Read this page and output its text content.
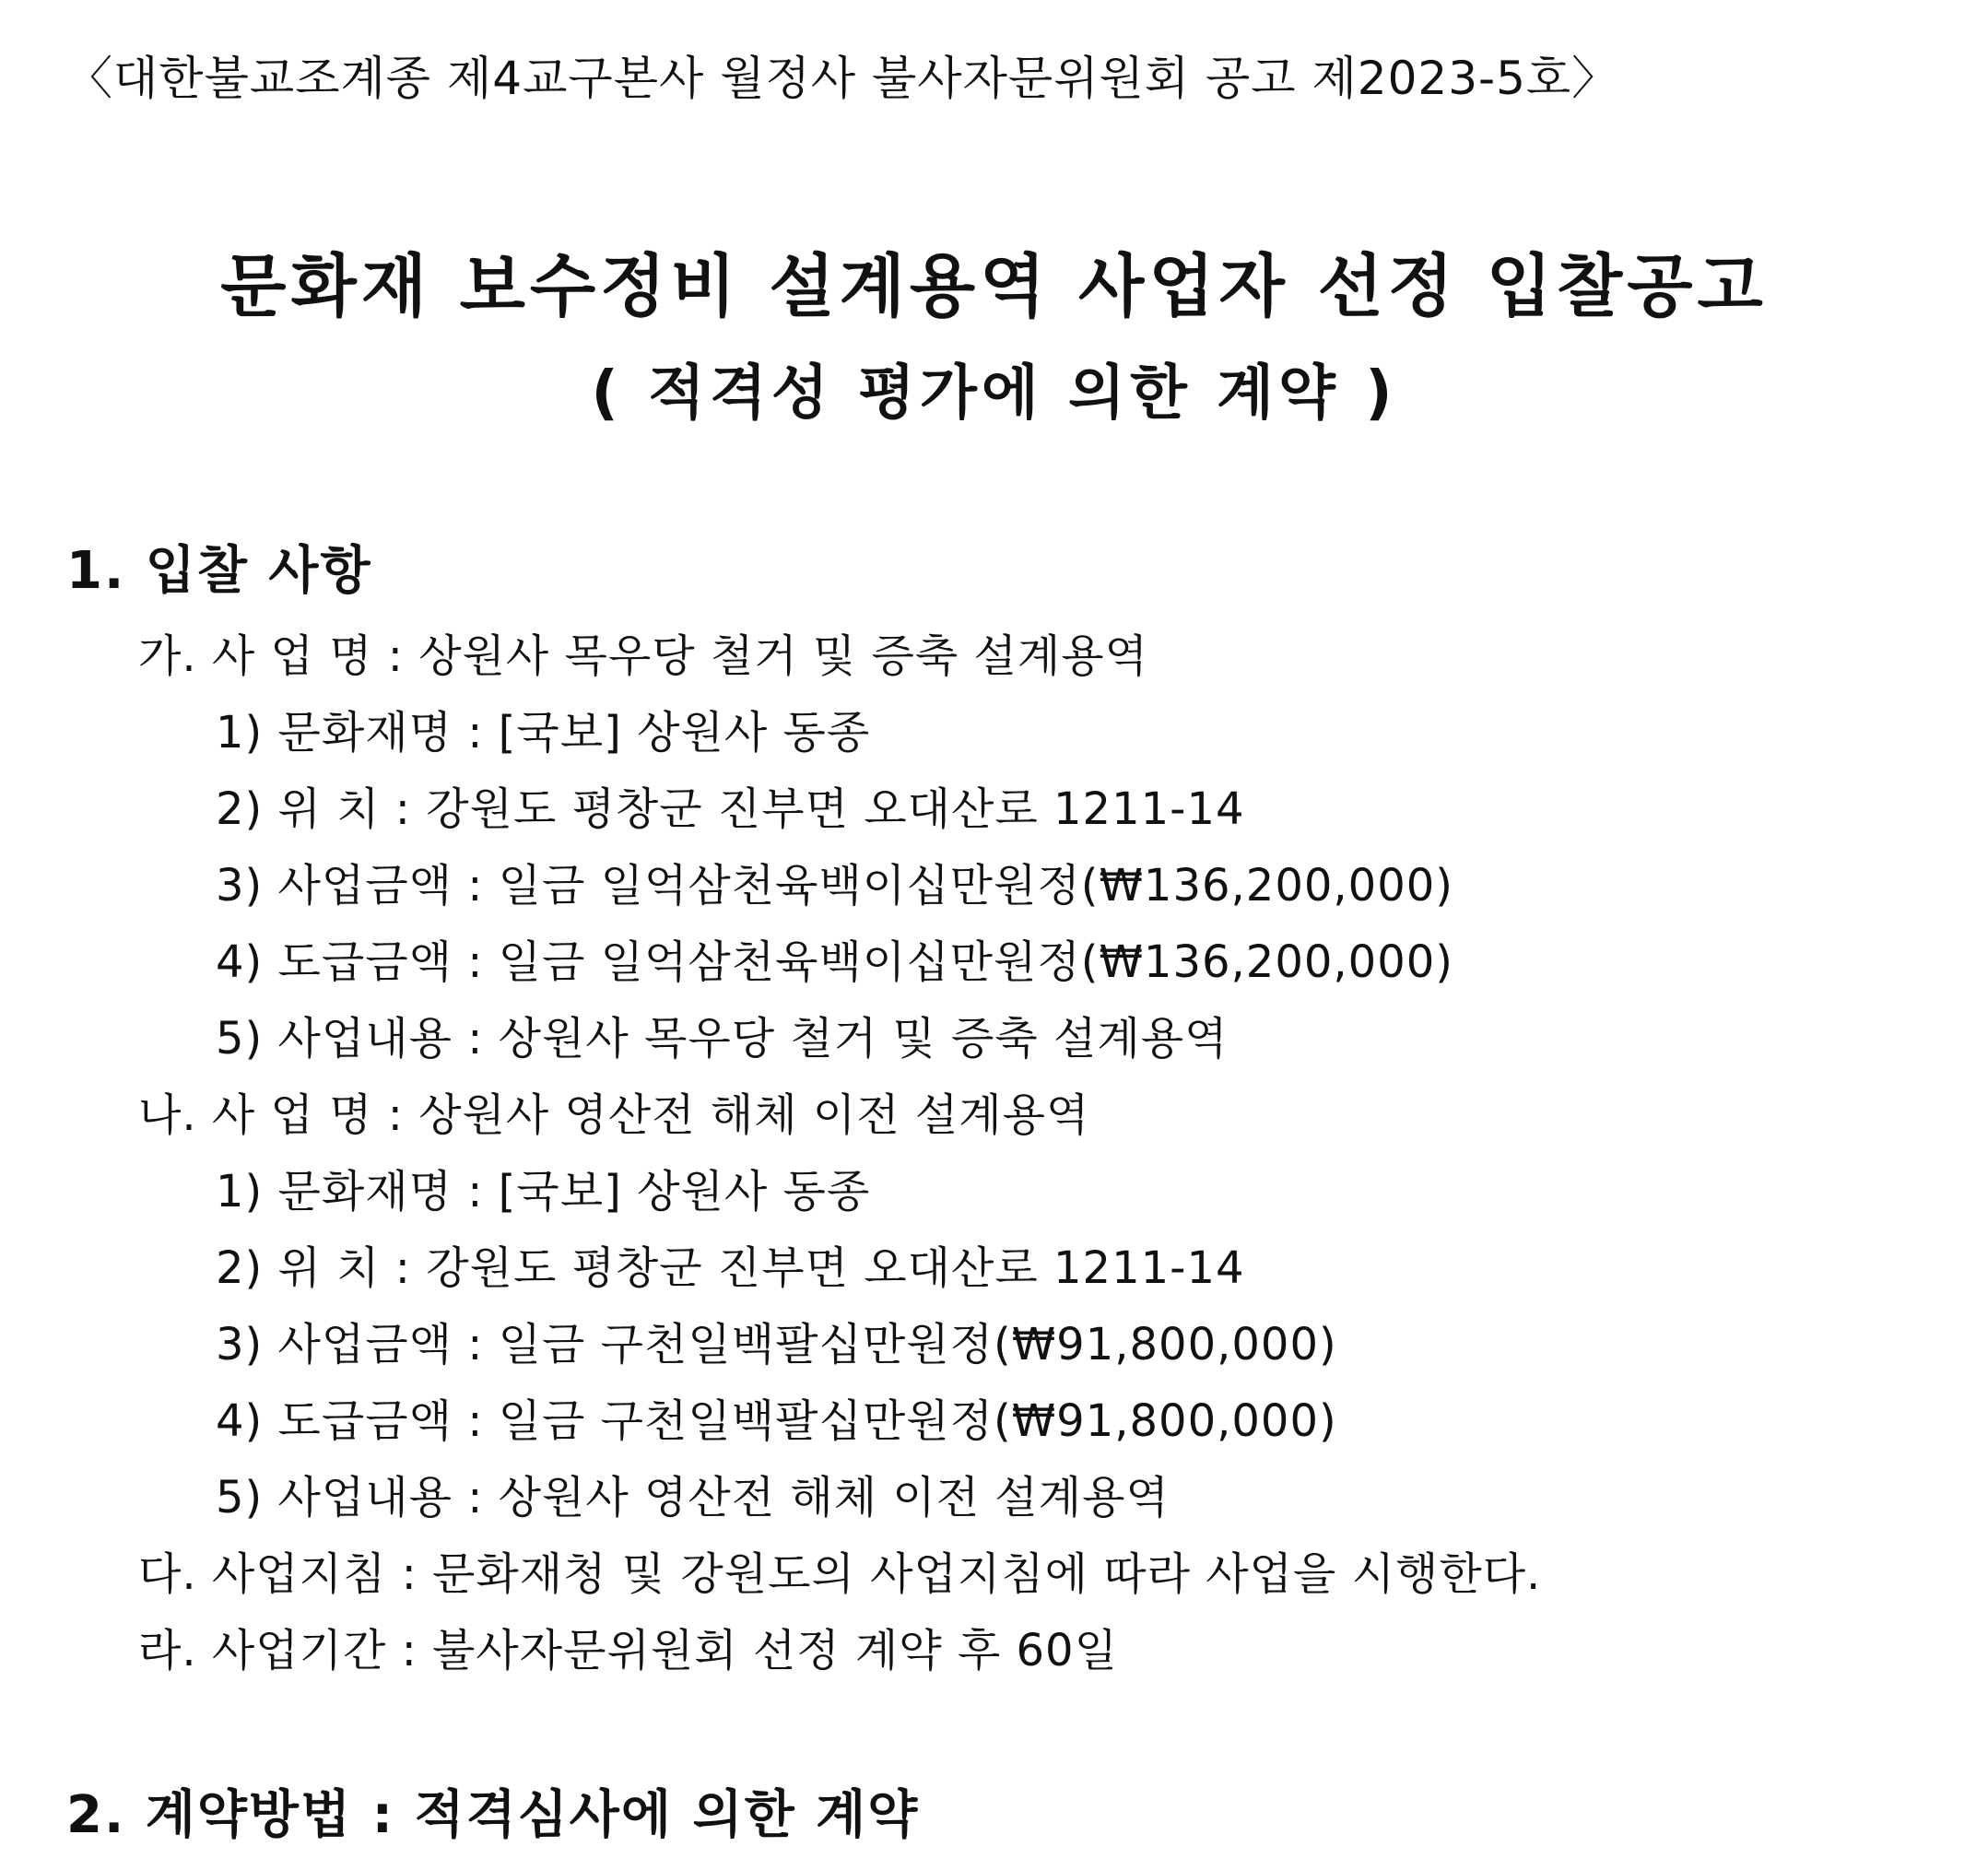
〈대한불교조계종 제4교구본사 월정사 불사자문위원회 공고 제2023-5호〉

문화재 보수정비 설계용역 사업자 선정 입찰공고
( 적격성 평가에 의한 계약 )
1. 입찰 사항

가. 사 업 명 : 상원사 목우당 철거 및 증축 설계용역

1) 문화재명 : [국보] 상원사 동종

2) 위 치 : 강원도 평창군 진부면 오대산로 1211-14

3) 사업금액 : 일금 일억삼천육백이십만원정(₩136,200,000)

4) 도급금액 : 일금 일억삼천육백이십만원정(₩136,200,000)

5) 사업내용 : 상원사 목우당 철거 및 증축 설계용역

나. 사 업 명 : 상원사 영산전 해체 이전 설계용역

1) 문화재명 : [국보] 상원사 동종

2) 위 치 : 강원도 평창군 진부면 오대산로 1211-14

3) 사업금액 : 일금 구천일백팔십만원정(₩91,800,000)

4) 도급금액 : 일금 구천일백팔십만원정(₩91,800,000)

5) 사업내용 : 상원사 영산전 해체 이전 설계용역

다. 사업지침 : 문화재청 및 강원도의 사업지침에 따라 사업을 시행한다.

라. 사업기간 : 불사자문위원회 선정 계약 후 60일

2. 계약방법 : 적격심사에 의한 계약
